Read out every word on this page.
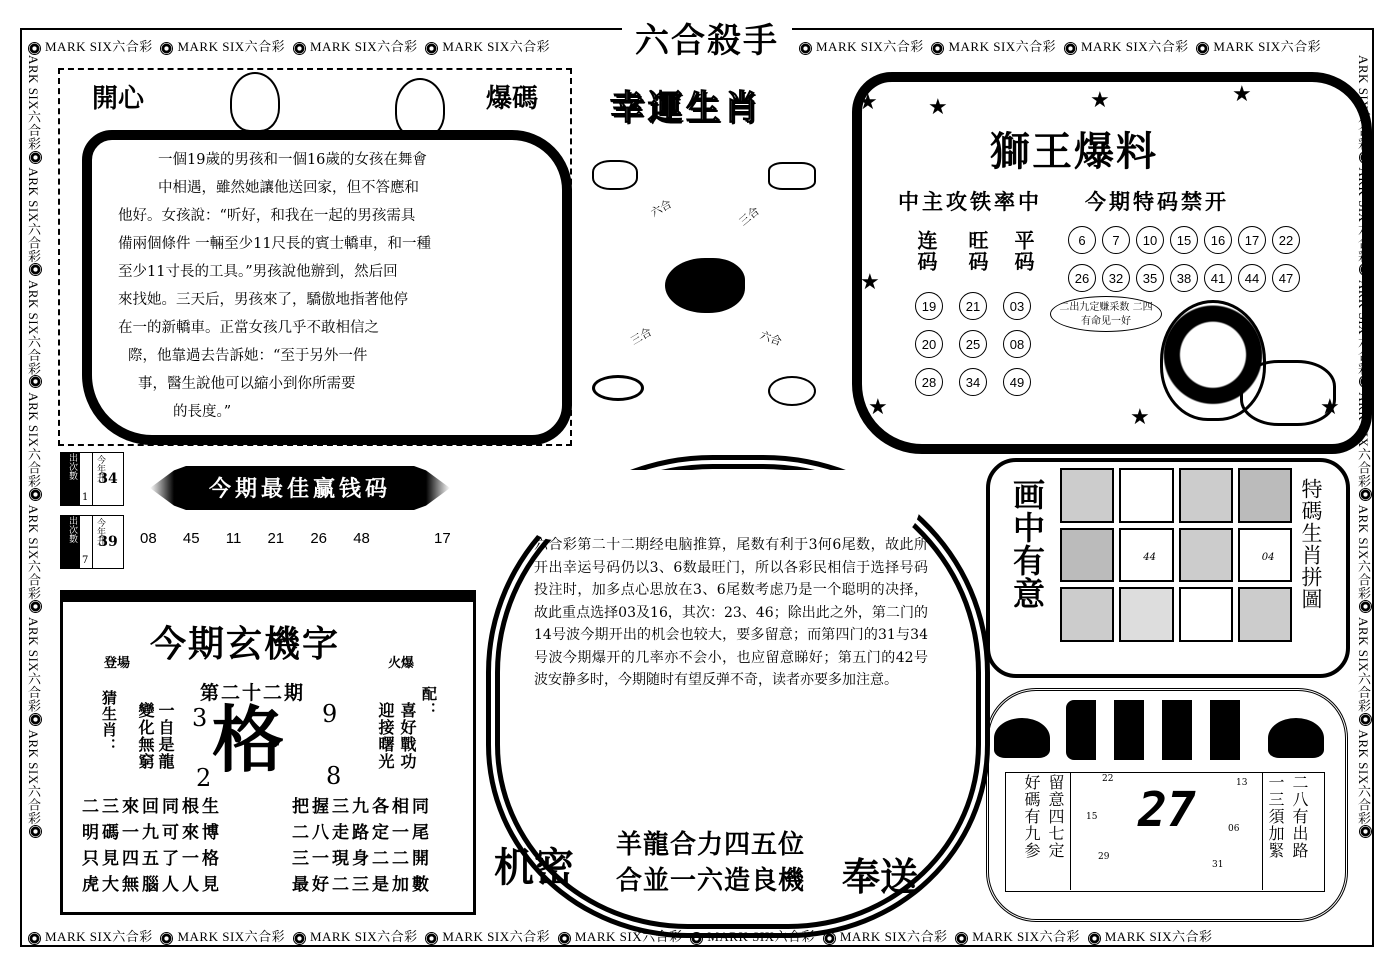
MARK SIX六合彩 MARK SIX六合彩 MARK SIX六合彩 MARK SIX六合彩	MARK SIX六合彩 MARK SIX六合彩 MARK SIX六合彩 MARK SIX六合彩
MARK SIX六合彩 MARK SIX六合彩 MARK SIX六合彩 MARK SIX六合彩 MARK SIX六合彩 MARK SIX六合彩 MARK SIX六合彩 MARK SIX六合彩 MARK SIX六合彩
ARK SIX六合彩 ARK SIX六合彩 ARK SIX六合彩 ARK SIX六合彩 ARK SIX六合彩 ARK SIX六合彩 ARK SIX六合彩
ARK SIX六合彩 ARK SIX六合彩 ARK SIX六合彩 ARK SIX六合彩 ARK SIX六合彩 ARK SIX六合彩 ARK SIX六合彩
六合殺手
開心	爆碼
一個19歲的男孩和一個16歲的女孩在舞會
中相遇，雖然她讓他送回家，但不答應和
他好。女孩說：“听好，和我在一起的男孩需具
備兩個條件 一輛至少11尺長的賓士轎車，和一種
至少11寸長的工具。”男孩說他辦到，然后回
來找她。三天后，男孩來了，驕傲地指著他停
在一的新轎車。正當女孩几乎不敢相信之
際，他靠過去告訴她：“至于另外一件
事，醫生說他可以縮小到你所需要
的長度。”
幸運生肖
六合	三合
三合	六合
★ ★	★	★
★
★	★	★
獅王爆料
中主攻铁率中 今期特码禁开
连码 旺码 平码
19	21	03
20	25	08
28	34	49
6	7	10	15	16	17	22
26	32	35	38	41	44	47
二出九定赚采数 二四有命见一好
出次數	今年开
1
34
出次數	今年开
7
39
今期最佳赢钱码
08 45 11 21 26 48	17
今期玄機字
登場	火爆
第二十二期
格
3	9
2	8
猜生肖： 變化無窮 一自是龍	迎接曙光 喜好戰功 配：
二三來回同根生
明碼一九可來博
只見四五了一格
虎大無腦人人見
把握三九各相同
二八走路定一尾
三一現身二二開
最好二三是加數
六合彩第二十二期经电脑推算，尾数有利于3何6尾数，故此所开出幸运号码仍以3、6数最旺门，所以各彩民相信于选择号码投注时，加多点心思放在3、6尾数考虑乃是一个聪明的决择，故此重点选择03及16，其次：23、46；除出此之外，第二门的14号波今期开出的机会也较大，要多留意；而第四门的31与34号波今期爆开的几率亦不会小，也应留意睇好；第五门的42号波安静多时，今期随时有望反弹不奇，读者亦要多加注意。
机密 羊龍合力四五位
合並一六造良機 奉送
画中有意	特碼生肖拼圖
44	04
留意四七定
好碼有九参	二八有出路
一三須加緊
27
22
15
13
06
31
29
